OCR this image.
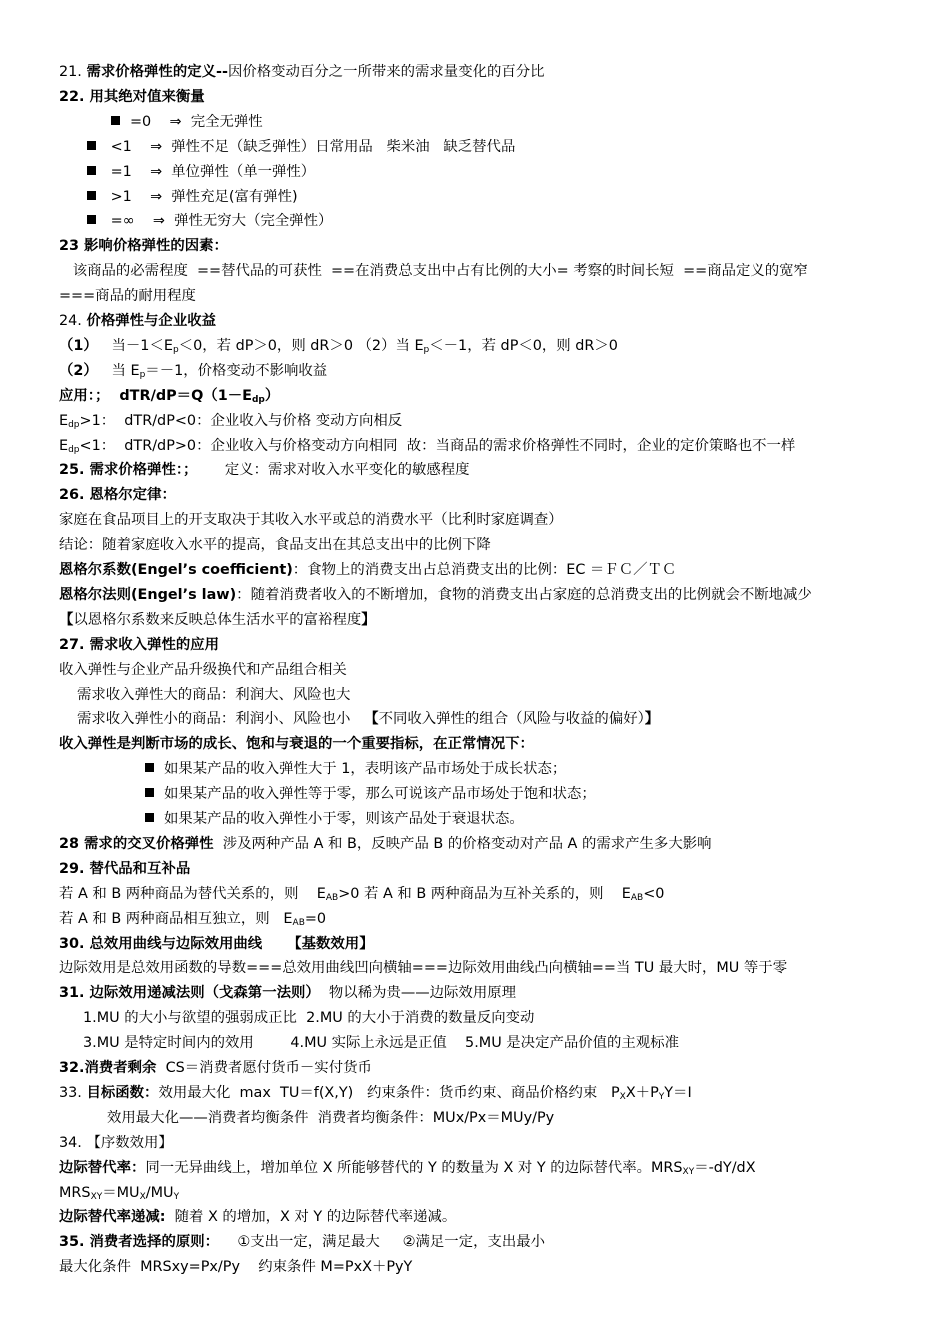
21. 需求价格弹性的定义--因价格变动百分之一所带来的需求量变化的百分比
22. 用其绝对值来衡量
=0    ⇒  完全无弹性
<1    ⇒  弹性不足（缺乏弹性）日常用品   柴米油   缺乏替代品
=1    ⇒  单位弹性（单一弹性）
>1    ⇒  弹性充足(富有弹性)
=∞    ⇒  弹性无穷大（完全弹性）
23 影响价格弹性的因素：
该商品的必需程度  ==替代品的可获性  ==在消费总支出中占有比例的大小= 考察的时间长短  ==商品定义的宽窄
===商品的耐用程度
24. 价格弹性与企业收益
（1）   当$-1<E_p<0$，若 dP＞0，则 dR＞0 （2）当 $E_p<-1$，若 dP＜0，则 dR＞0
（2）   当 $E_p=-1$，价格变动不影响收益
应用：；  dTR/$dP=Q(1-E_{dp})$
$E_{dp}>1$：  dTR/dP<0：企业收入与价格 变动方向相反
$E_{dp}<1$：  dTR/dP>0：企业收入与价格变动方向相同  故：当商品的需求价格弹性不同时，企业的定价策略也不一样
25. 需求价格弹性：；      定义：需求对收入水平变化的敏感程度
26. 恩格尔定律：
家庭在食品项目上的开支取决于其收入水平或总的消费水平（比利时家庭调查）
结论：随着家庭收入水平的提高，食品支出在其总支出中的比例下降
恩格尔系数(Engel’s coefficient)：食物上的消费支出占总消费支出的比例：EC ＝ＦＣ／ＴＣ
恩格尔法则(Engel’s law)：随着消费者收入的不断增加，食物的消费支出占家庭的总消费支出的比例就会不断地减少
【以恩格尔系数来反映总体生活水平的富裕程度】
27. 需求收入弹性的应用
收入弹性与企业产品升级换代和产品组合相关
需求收入弹性大的商品：利润大、风险也大
需求收入弹性小的商品：利润小、风险也小   【不同收入弹性的组合（风险与收益的偏好）】
收入弹性是判断市场的成长、饱和与衰退的一个重要指标，在正常情况下：
如果某产品的收入弹性大于 1，表明该产品市场处于成长状态；
如果某产品的收入弹性等于零，那么可说该产品市场处于饱和状态；
如果某产品的收入弹性小于零，则该产品处于衰退状态。
28 需求的交叉价格弹性  涉及两种产品 A 和 B，反映产品 B 的价格变动对产品 A 的需求产生多大影响
29. 替代品和互补品
若 A 和 B 两种商品为替代关系的，则    $E_{AB}>0$ 若 A 和 B 两种商品为互补关系的，则    $E_{AB}<0$
若 A 和 B 两种商品相互独立，则   $E_{AB}=0$
30. 总效用曲线与边际效用曲线     【基数效用】
边际效用是总效用函数的导数===总效用曲线凹向横轴===边际效用曲线凸向横轴==当 TU 最大时，MU 等于零
31. 边际效用递减法则（戈森第一法则）  物以稀为贵——边际效用原理
1.MU 的大小与欲望的强弱成正比  2.MU 的大小于消费的数量反向变动
3.MU 是特定时间内的效用        4.MU 实际上永远是正值    5.MU 是决定产品价值的主观标准
32.消费者剩余  CS＝消费者愿付货币－实付货币
33. 目标函数：效用最大化  max  TU＝f(X,Y)   约束条件：货币约束、商品价格约束   $P_XX+P_YY=I$
效用最大化——消费者均衡条件  消费者均衡条件：MUx/Px＝MUy/Py
34. 【序数效用】
边际替代率：同一无异曲线上，增加单位 X 所能够替代的 Y 的数量为 X 对 Y 的边际替代率。$MRS_{XY}=-dY/dX$
$MRS_{XY}=MU_X/MU_Y$
边际替代率递减:  随着 X 的增加，X 对 Y 的边际替代率递减。
35. 消费者选择的原则：    ①支出一定，满足最大     ②满足一定，支出最小
最大化条件  MRSxy=Px/Py    约束条件 M=PxX＋PyY
